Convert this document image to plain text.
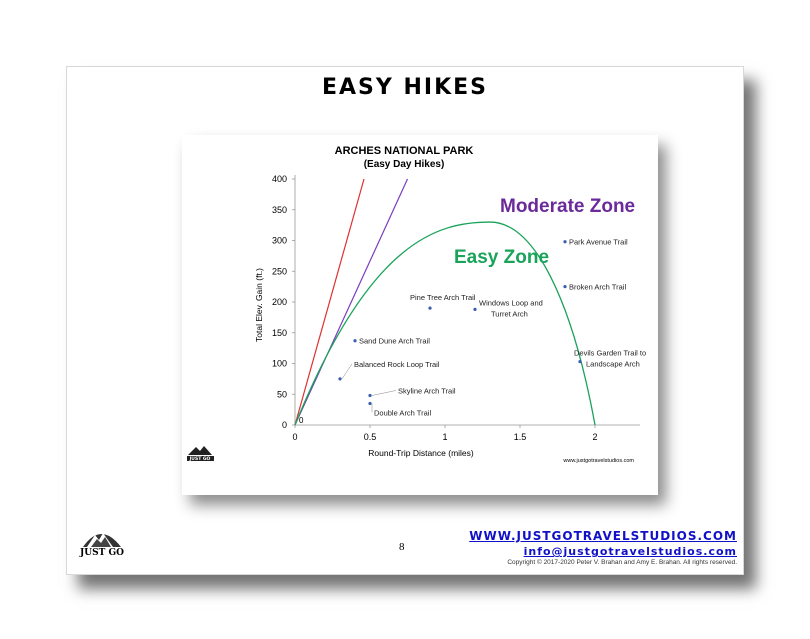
EASY HIKES
ARCHES NATIONAL PARK
(Easy Day Hikes)
0
50
100
150
200
250
300
350
400
0	0.5	1	1.5	2
0
Park Avenue Trail
Broken Arch Trail
Pine Tree Arch Trail
Windows Loop and Turret Arch
Sand Dune Arch Trail
Balanced Rock Loop Trail
Devils Garden Trail to Landscape Arch
Skyline Arch Trail
Double Arch Trail
Moderate Zone
Easy Zone
Round-Trip Distance (miles)
Total Elev. Gain (ft.)
www.justgotravelstudios.com
JUST GO
JUST GO	8
WWW.JUSTGOTRAVELSTUDIOS.COM
info@justgotravelstudios.com
Copyright © 2017-2020 Peter V. Brahan and Amy E. Brahan. All rights reserved.
